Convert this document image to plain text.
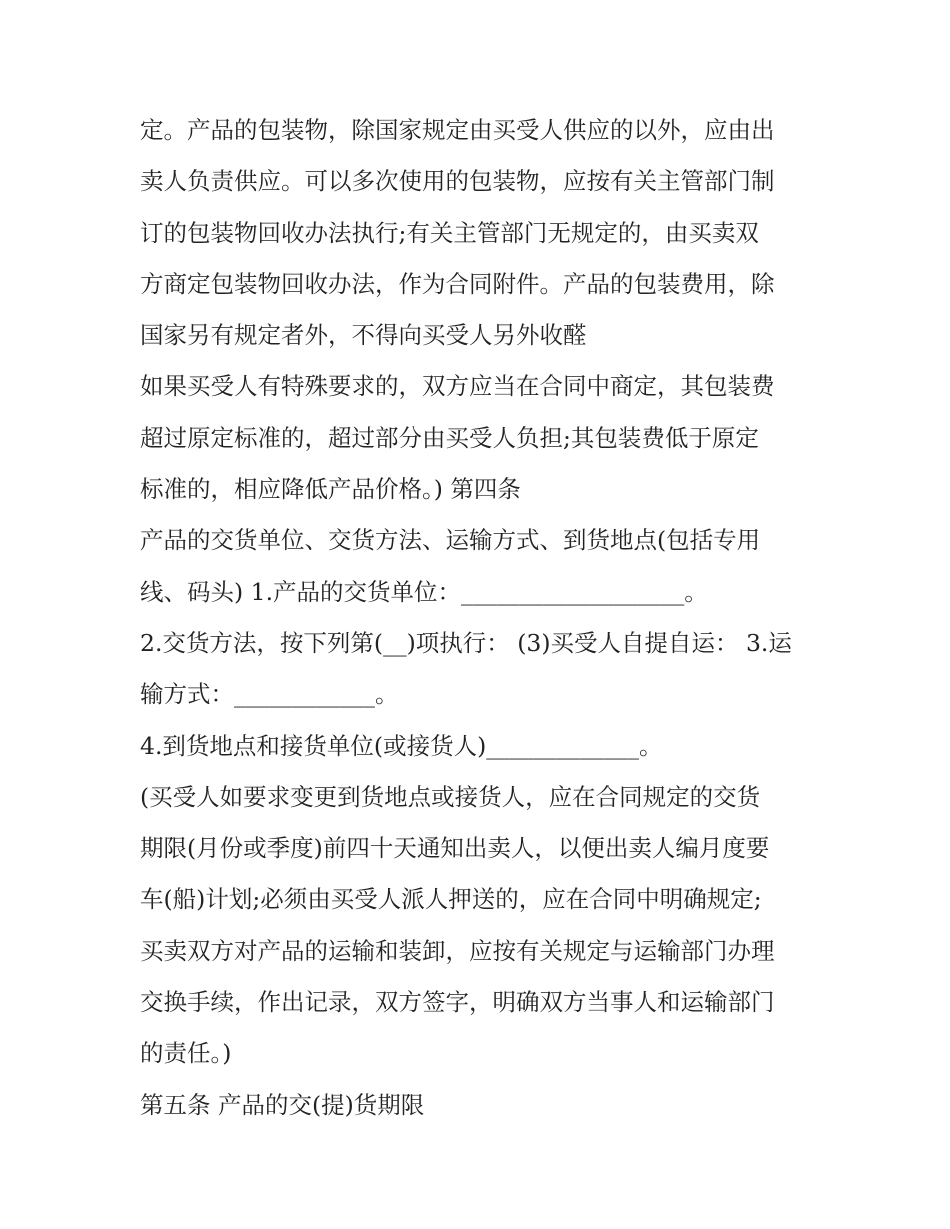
定。产品的包装物，除国家规定由买受人供应的以外，应由出
卖人负责供应。可以多次使用的包装物，应按有关主管部门制
订的包装物回收办法执行;有关主管部门无规定的，由买卖双
方商定包装物回收办法，作为合同附件。产品的包装费用，除
国家另有规定者外，不得向买受人另外收醛
如果买受人有特殊要求的，双方应当在合同中商定，其包装费
超过原定标准的，超过部分由买受人负担;其包装费低于原定
标准的，相应降低产品价格。) 第四条
产品的交货单位、交货方法、运输方式、到货地点(包括专用
线、码头) 1.产品的交货单位：___________________。
2.交货方法，按下列第(__)项执行： (3)买受人自提自运： 3.运
输方式：____________。
4.到货地点和接货单位(或接货人)_____________。
(买受人如要求变更到货地点或接货人，应在合同规定的交货
期限(月份或季度)前四十天通知出卖人，以便出卖人编月度要
车(船)计划;必须由买受人派人押送的，应在合同中明确规定;
买卖双方对产品的运输和装卸，应按有关规定与运输部门办理
交换手续，作出记录，双方签字，明确双方当事人和运输部门
的责任。)
第五条 产品的交(提)货期限
